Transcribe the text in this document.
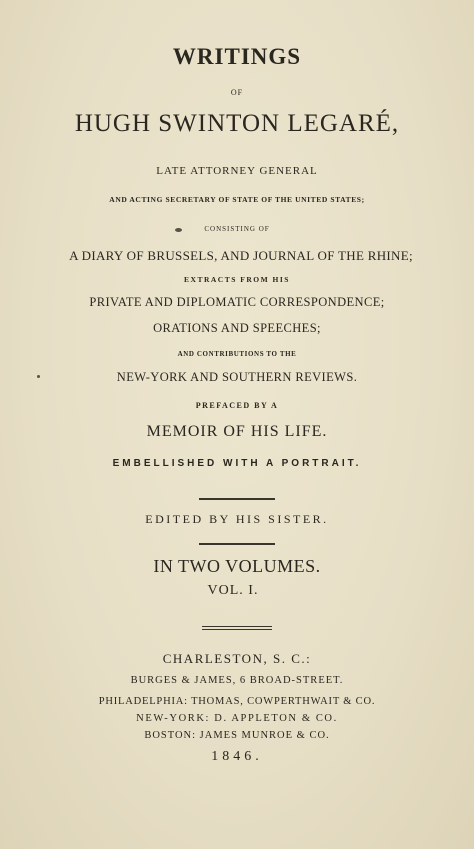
WRITINGS
OF
HUGH SWINTON LEGARÉ,
LATE ATTORNEY GENERAL
AND ACTING SECRETARY OF STATE OF THE UNITED STATES;
CONSISTING OF
A DIARY OF BRUSSELS, AND JOURNAL OF THE RHINE;
EXTRACTS FROM HIS
PRIVATE AND DIPLOMATIC CORRESPONDENCE;
ORATIONS AND SPEECHES;
AND CONTRIBUTIONS TO THE
NEW-YORK AND SOUTHERN REVIEWS.
PREFACED BY A
MEMOIR OF HIS LIFE.
EMBELLISHED WITH A PORTRAIT.
EDITED BY HIS SISTER.
IN TWO VOLUMES.
VOL. I.
CHARLESTON, S. C.:
BURGES & JAMES, 6 BROAD-STREET.
PHILADELPHIA: THOMAS, COWPERTHWAIT & CO.
NEW-YORK: D. APPLETON & CO.
BOSTON: JAMES MUNROE & CO.
1846.
